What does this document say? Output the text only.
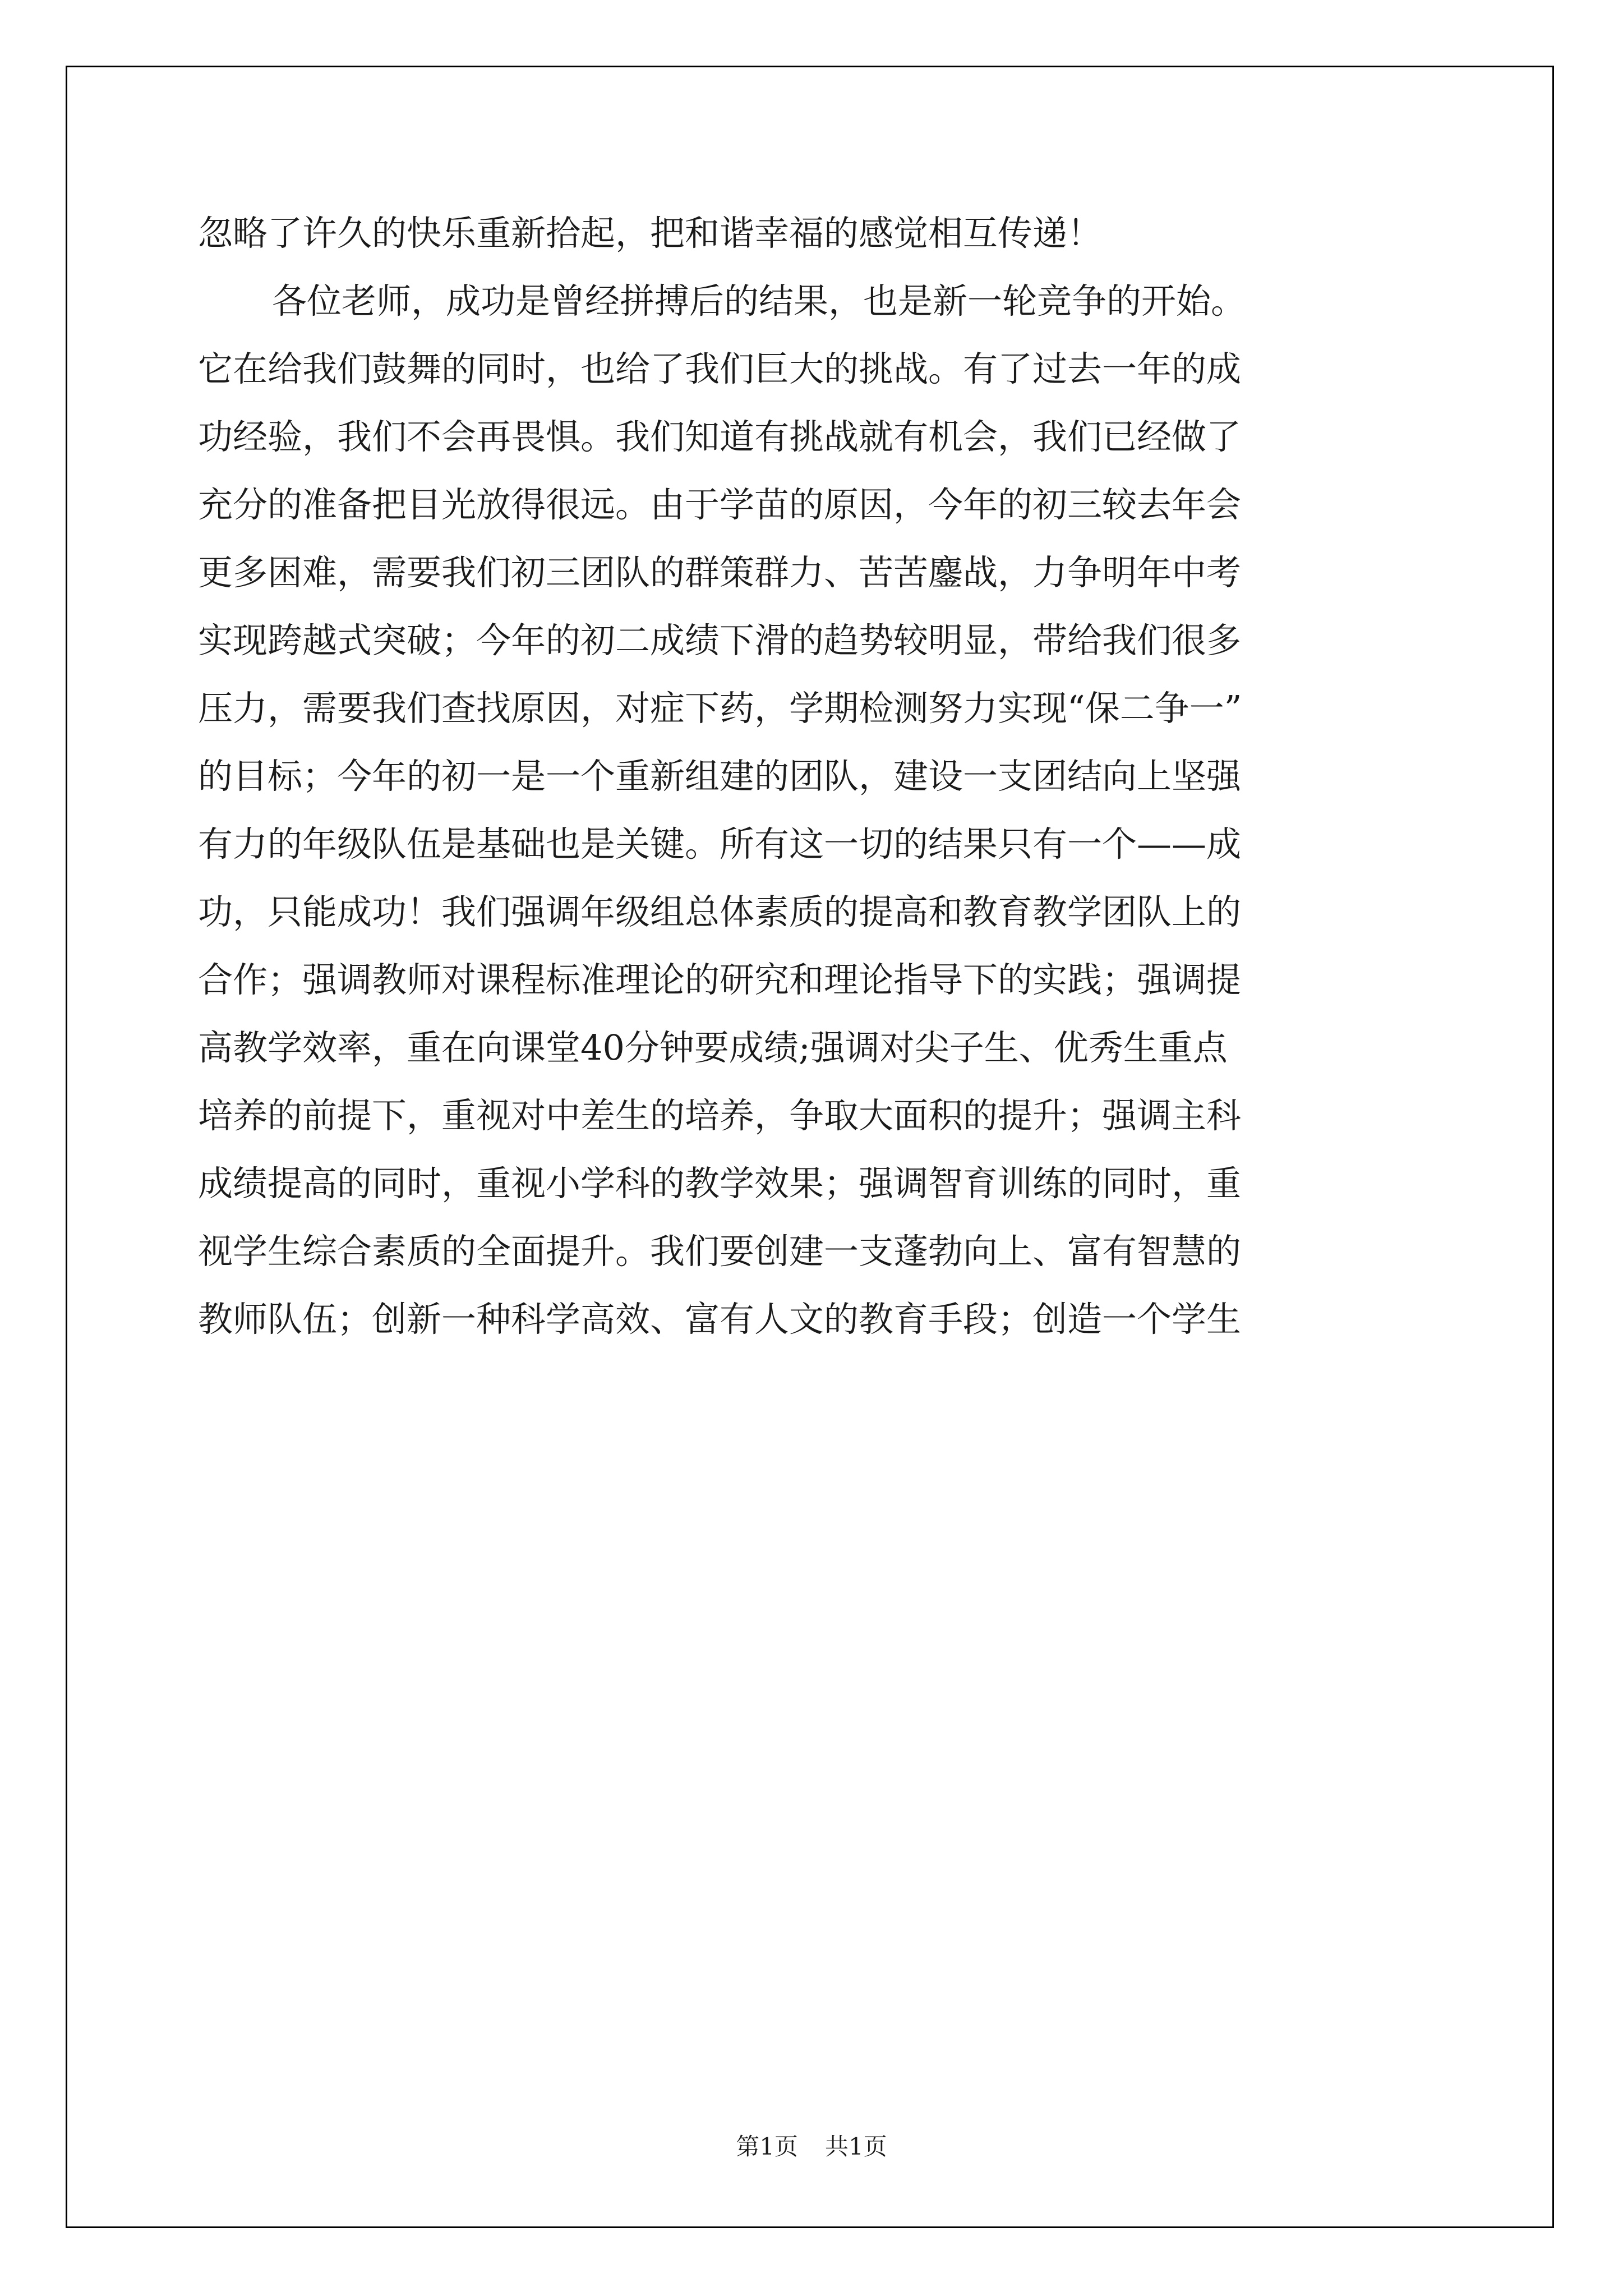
忽略了许久的快乐重新拾起，把和谐幸福的感觉相互传递！
各位老师，成功是曾经拼搏后的结果，也是新一轮竞争的开始。
它在给我们鼓舞的同时，也给了我们巨大的挑战。有了过去一年的成
功经验，我们不会再畏惧。我们知道有挑战就有机会，我们已经做了
充分的准备把目光放得很远。由于学苗的原因，今年的初三较去年会
更多困难，需要我们初三团队的群策群力、苦苦鏖战，力争明年中考
实现跨越式突破；今年的初二成绩下滑的趋势较明显，带给我们很多
压力，需要我们查找原因，对症下药，学期检测努力实现“保二争一”
的目标；今年的初一是一个重新组建的团队，建设一支团结向上坚强
有力的年级队伍是基础也是关键。所有这一切的结果只有一个——成
功，只能成功！我们强调年级组总体素质的提高和教育教学团队上的
合作；强调教师对课程标准理论的研究和理论指导下的实践；强调提
高教学效率，重在向课堂40分钟要成绩;强调对尖子生、优秀生重点
培养的前提下，重视对中差生的培养，争取大面积的提升；强调主科
成绩提高的同时，重视小学科的教学效果；强调智育训练的同时，重
视学生综合素质的全面提升。我们要创建一支蓬勃向上、富有智慧的
教师队伍；创新一种科学高效、富有人文的教育手段；创造一个学生
第1页 共1页
